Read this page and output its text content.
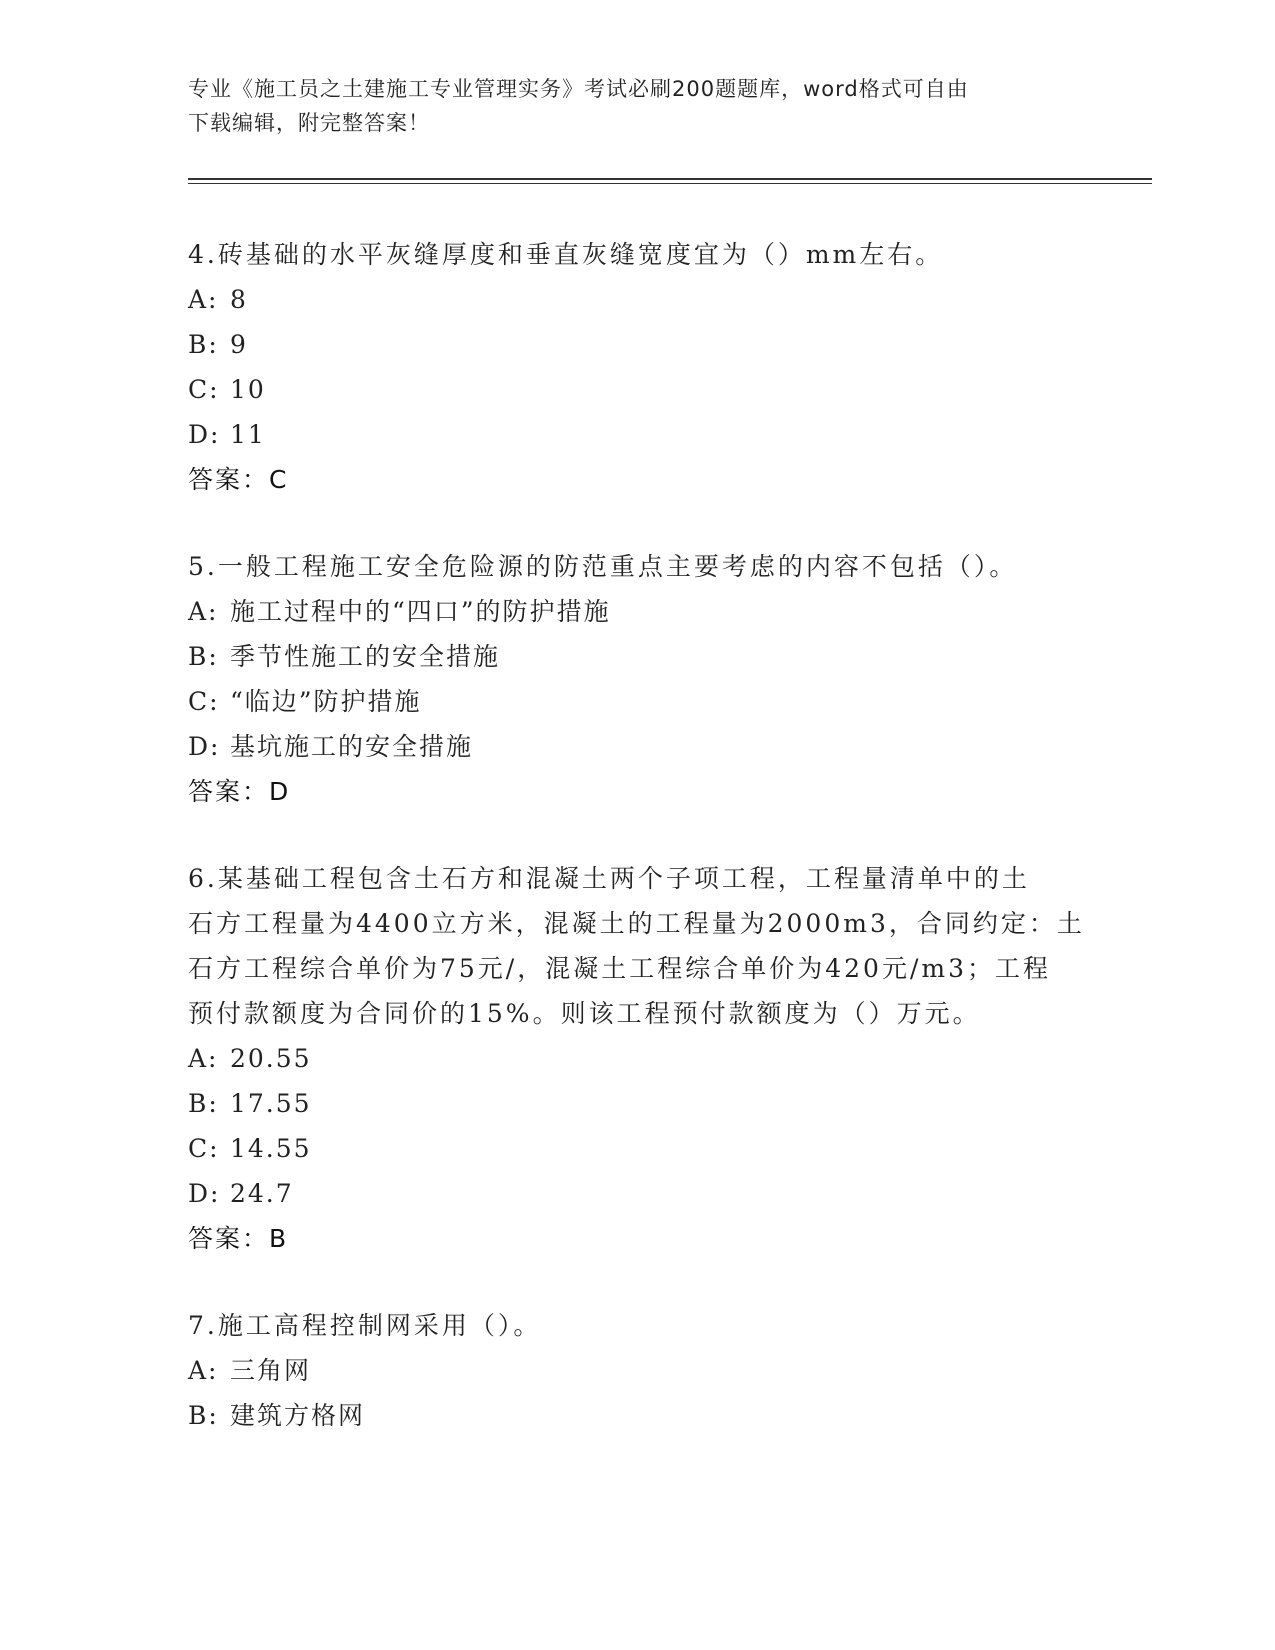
专业《施工员之土建施工专业管理实务》考试必刷200题题库，word格式可自由
下载编辑，附完整答案！

4.砖基础的水平灰缝厚度和垂直灰缝宽度宜为（）mm左右。

A: 8

B: 9

C: 10

D: 11

答案：C

5.一般工程施工安全危险源的防范重点主要考虑的内容不包括（）。

A: 施工过程中的“四口”的防护措施

B: 季节性施工的安全措施

C: “临边”防护措施

D: 基坑施工的安全措施

答案：D

6.某基础工程包含土石方和混凝土两个子项工程，工程量清单中的土

石方工程量为4400立方米，混凝土的工程量为2000m3，合同约定：土

石方工程综合单价为75元/，混凝土工程综合单价为420元/m3；工程

预付款额度为合同价的15%。则该工程预付款额度为（）万元。

A: 20.55

B: 17.55

C: 14.55

D: 24.7

答案：B

7.施工高程控制网采用（）。

A: 三角网

B: 建筑方格网
